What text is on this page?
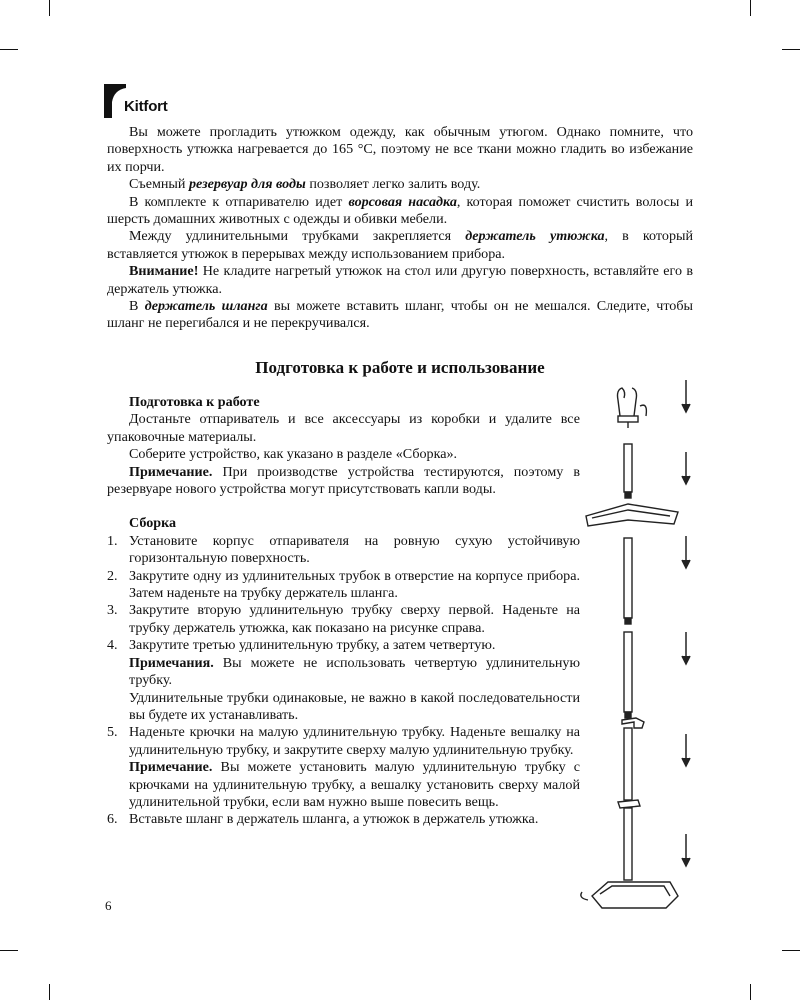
Kitfort

Вы можете прогладить утюжком одежду, как обычным утюгом. Однако помните, что поверхность утюжка нагревается до 165 °С, поэтому не все ткани можно гладить во избежание их порчи.

Съемный резервуар для воды позволяет легко залить воду.

В комплекте к отпаривателю идет ворсовая насадка, которая поможет счистить волосы и шерсть домашних животных с одежды и обивки мебели.

Между удлинительными трубками закрепляется держатель утюжка, в который вставляется утюжок в перерывах между использованием прибора.

Внимание! Не кладите нагретый утюжок на стол или другую поверхность, вставляйте его в держатель утюжка.

В держатель шланга вы можете вставить шланг, чтобы он не мешался. Следите, чтобы шланг не перегибался и не перекручивался.

Подготовка к работе и использование
Подготовка к работе

Достаньте отпариватель и все аксессуары из коробки и удалите все упаковочные материалы.

Соберите устройство, как указано в разделе «Сборка».

Примечание. При производстве устройства тестируются, поэтому в резервуаре нового устройства могут присутствовать капли воды.

Сборка
1. Установите корпус отпаривателя на ровную сухую устойчивую горизонтальную поверхность.

2. Закрутите одну из удлинительных трубок в отверстие на корпусе прибора. Затем наденьте на трубку держатель шланга.

3. Закрутите вторую удлинительную трубку сверху первой. Наденьте на трубку держатель утюжка, как показано на рисунке справа.

4. Закрутите третью удлинительную трубку, а затем четвертую.

Примечания. Вы можете не использовать четвертую удлинительную трубку.

Удлинительные трубки одинаковые, не важно в какой последовательности вы будете их устанавливать.

5. Наденьте крючки на малую удлинительную трубку. Наденьте вешалку на удлинительную трубку, и закрутите сверху малую удлинительную трубку.

Примечание. Вы можете установить малую удлинительную трубку с крючками на удлинительную трубку, а вешалку установить сверху малой удлинительной трубки, если вам нужно выше повесить вещь.

6. Вставьте шланг в держатель шланга, а утюжок в держатель утюжка.

6
